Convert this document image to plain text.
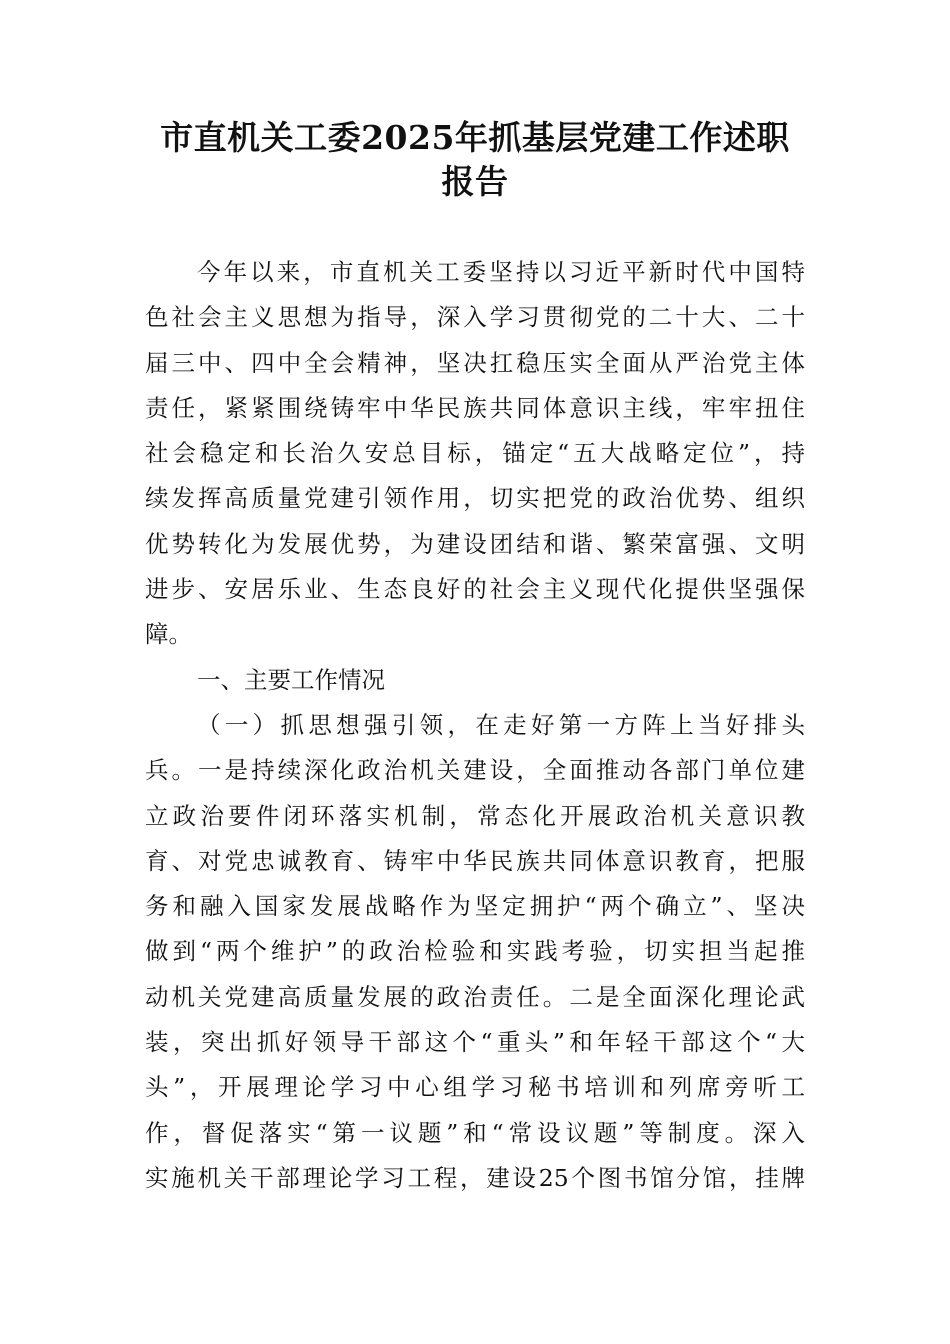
市直机关工委2025年抓基层党建工作述职
报告
今年以来，市直机关工委坚持以习近平新时代中国特
色社会主义思想为指导，深入学习贯彻党的二十大、二十
届三中、四中全会精神，坚决扛稳压实全面从严治党主体
责任，紧紧围绕铸牢中华民族共同体意识主线，牢牢扭住
社会稳定和长治久安总目标，锚定“五大战略定位”，持
续发挥高质量党建引领作用，切实把党的政治优势、组织
优势转化为发展优势，为建设团结和谐、繁荣富强、文明
进步、安居乐业、生态良好的社会主义现代化提供坚强保
障。
一、主要工作情况
（一）抓思想强引领，在走好第一方阵上当好排头
兵。一是持续深化政治机关建设，全面推动各部门单位建
立政治要件闭环落实机制，常态化开展政治机关意识教
育、对党忠诚教育、铸牢中华民族共同体意识教育，把服
务和融入国家发展战略作为坚定拥护“两个确立”、坚决
做到“两个维护”的政治检验和实践考验，切实担当起推
动机关党建高质量发展的政治责任。二是全面深化理论武
装，突出抓好领导干部这个“重头”和年轻干部这个“大
头”，开展理论学习中心组学习秘书培训和列席旁听工
作，督促落实“第一议题”和“常设议题”等制度。深入
实施机关干部理论学习工程，建设25个图书馆分馆，挂牌
